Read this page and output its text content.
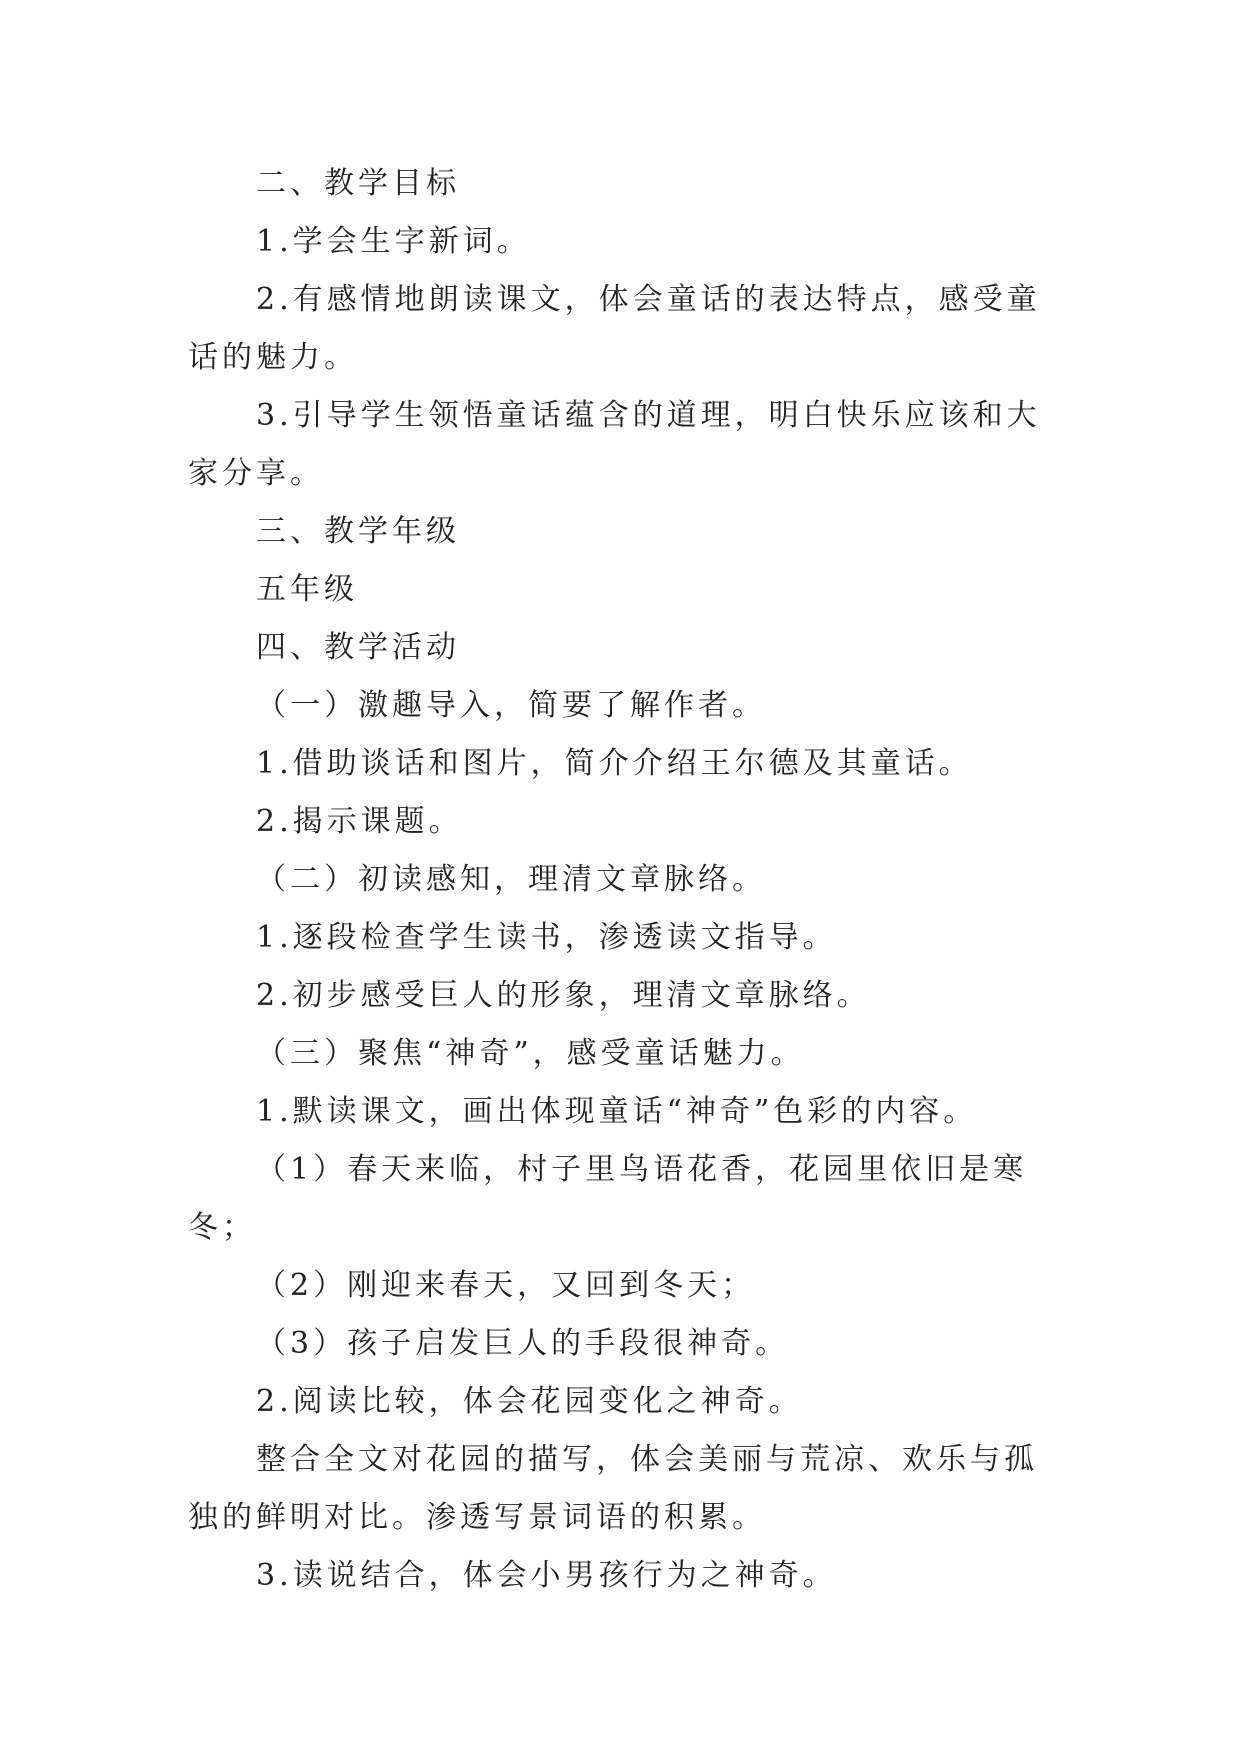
二、教学目标

1.学会生字新词。

2.有感情地朗读课文，体会童话的表达特点，感受童话的魅力。

3.引导学生领悟童话蕴含的道理，明白快乐应该和大家分享。

三、教学年级

五年级

四、教学活动

（一）激趣导入，简要了解作者。

1.借助谈话和图片，简介介绍王尔德及其童话。

2.揭示课题。

（二）初读感知，理清文章脉络。

1.逐段检查学生读书，渗透读文指导。

2.初步感受巨人的形象，理清文章脉络。

（三）聚焦“神奇”，感受童话魅力。

1.默读课文，画出体现童话“神奇”色彩的内容。

（1）春天来临，村子里鸟语花香，花园里依旧是寒冬；

（2）刚迎来春天，又回到冬天；

（3）孩子启发巨人的手段很神奇。

2.阅读比较，体会花园变化之神奇。

整合全文对花园的描写，体会美丽与荒凉、欢乐与孤独的鲜明对比。渗透写景词语的积累。

3.读说结合，体会小男孩行为之神奇。
